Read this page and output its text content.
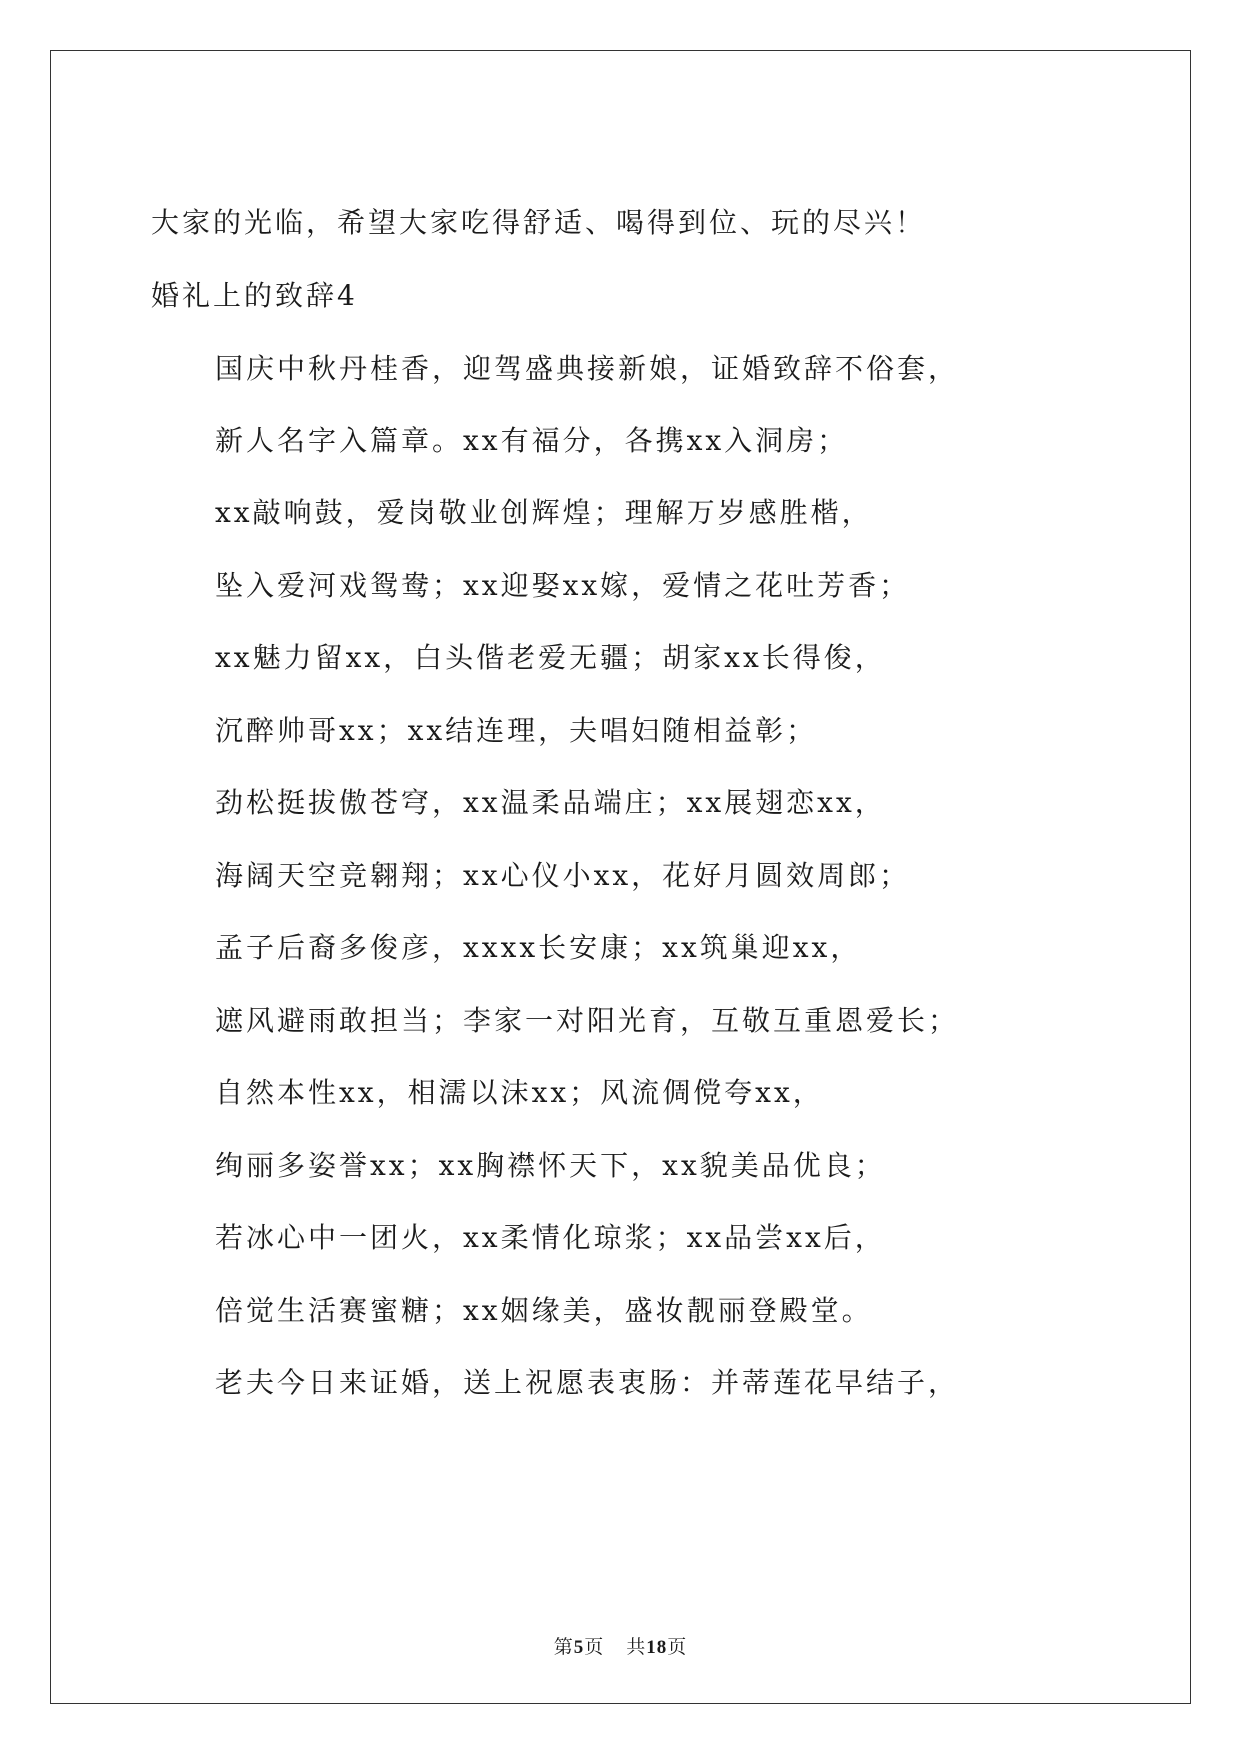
大家的光临，希望大家吃得舒适、喝得到位、玩的尽兴！
婚礼上的致辞4
国庆中秋丹桂香，迎驾盛典接新娘，证婚致辞不俗套，
新人名字入篇章。xx有福分，各携xx入洞房；
xx敲响鼓，爱岗敬业创辉煌；理解万岁感胜楷，
坠入爱河戏鸳鸯；xx迎娶xx嫁，爱情之花吐芳香；
xx魅力留xx，白头偕老爱无疆；胡家xx长得俊，
沉醉帅哥xx；xx结连理，夫唱妇随相益彰；
劲松挺拔傲苍穹，xx温柔品端庄；xx展翅恋xx，
海阔天空竞翱翔；xx心仪小xx，花好月圆效周郎；
孟子后裔多俊彦，xxxx长安康；xx筑巢迎xx，
遮风避雨敢担当；李家一对阳光育，互敬互重恩爱长；
自然本性xx，相濡以沫xx；风流倜傥夸xx，
绚丽多姿誉xx；xx胸襟怀天下，xx貌美品优良；
若冰心中一团火，xx柔情化琼浆；xx品尝xx后，
倍觉生活赛蜜糖；xx姻缘美，盛妆靓丽登殿堂。
老夫今日来证婚，送上祝愿表衷肠：并蒂莲花早结子，
第5页 共18页
